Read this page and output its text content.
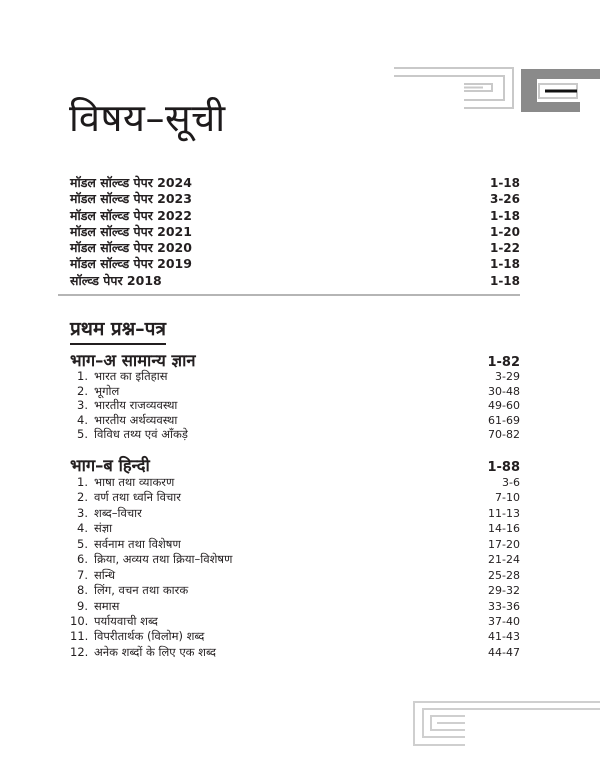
विषय–सूची
मॉडल सॉल्व्ड पेपर 2024	1-18
मॉडल सॉल्व्ड पेपर 2023	3-26
मॉडल सॉल्व्ड पेपर 2022	1-18
मॉडल सॉल्व्ड पेपर 2021	1-20
मॉडल सॉल्व्ड पेपर 2020	1-22
मॉडल सॉल्व्ड पेपर 2019	1-18
सॉल्व्ड पेपर 2018	1-18
प्रथम प्रश्न–पत्र
भाग–अ सामान्य ज्ञान	1-82
1. भारत का इतिहास	3-29
2. भूगोल	30-48
3. भारतीय राजव्यवस्था	49-60
4. भारतीय अर्थव्यवस्था	61-69
5. विविध तथ्य एवं आँकड़े	70-82
भाग–ब हिन्दी	1-88
1. भाषा तथा व्याकरण	3-6
2. वर्ण तथा ध्वनि विचार	7-10
3. शब्द–विचार	11-13
4. संज्ञा	14-16
5. सर्वनाम तथा विशेषण	17-20
6. क्रिया, अव्यय तथा क्रिया–विशेषण	21-24
7. सन्धि	25-28
8. लिंग, वचन तथा कारक	29-32
9. समास	33-36
10. पर्यायवाची शब्द	37-40
11. विपरीतार्थक (विलोम) शब्द	41-43
12. अनेक शब्दों के लिए एक शब्द	44-47
